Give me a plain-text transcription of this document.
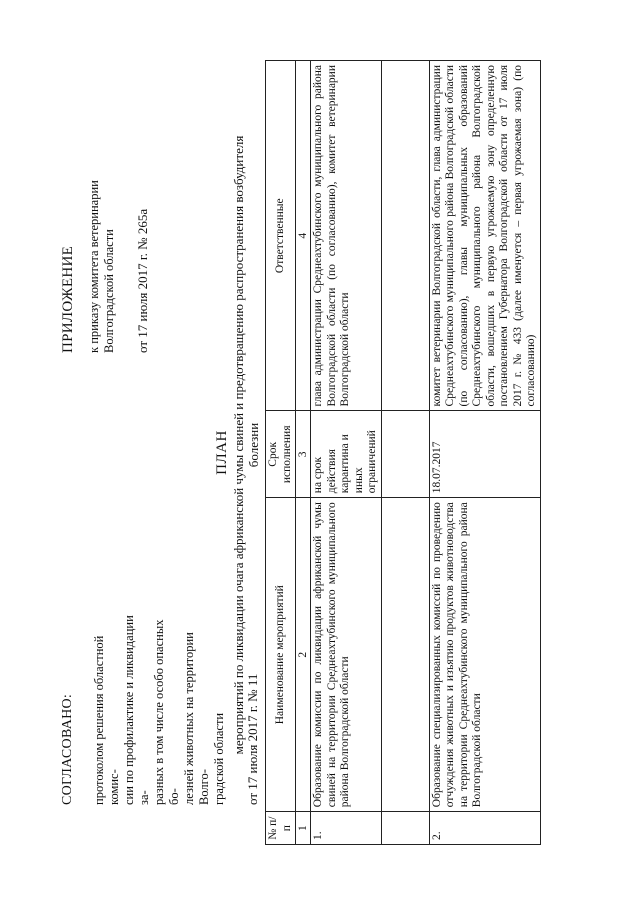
СОГЛАСОВАНО: протоколом решения областной комис- сии по профилактике и ликвидации за- разных в том числе особо опасных бо- лезней животных на территории Волго- градской области от 17 июля 2017 г. № 11
ПРИЛОЖЕНИЕ к приказу комитета ветеринарии Волгоградской области от 17 июля 2017 г. № 265а
ПЛАН мероприятий по ликвидации очага африканской чумы свиней и предотвращению распространения возбудителя болезни
№ п/п	Наименование мероприятий	Срок исполнения	Ответственные
1	2	3	4
1.	Образование комиссии по ликвидации африканской чумы свиней на территории Среднеахтубинского муниципального района Волгоградской области	на срок действия карантина и иных ограничений	глава администрации Среднеахтубинского муниципального района Волгоградской области (по согласованию), комитет ветеринарии Волгоградской области

2.	Образование специализированных комиссий по проведению отчуждения животных и изъятию продуктов животноводства на территории Среднеахтубинского муниципального района Волгоградской области	18.07.2017	комитет ветеринарии Волгоградской области, глава администрации Среднеахтубинского муниципального района Волгоградской области (по согласованию), главы муниципальных образований Среднеахтубинского муниципального района Волгоградской области, вошедших в первую угрожаемую зону определенную постановлением Губернатора Волгоградской области от 17 июля 2017 г. № 433 (далее именуется – первая угрожаемая зона) (по согласованию)
